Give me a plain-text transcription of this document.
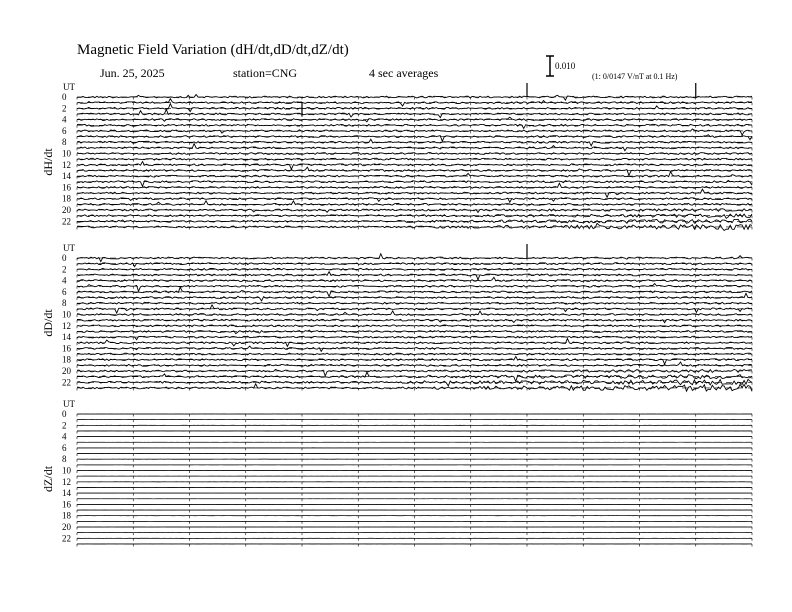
Magnetic Field Variation (dH/dt,dD/dt,dZ/dt)
Jun. 25, 2025	station=CNG	4 sec averages	0.010
(1: 0/0147 V/nT at 0.1 Hz)
UT
dH/dt
0
2
4
6
8
10
12
14
16
18
20
22
UT
dD/dt
0
2
4
6
8
10
12
14
16
18
20
22
UT
dZ/dt
0
2
4
6
8
10
12
14
16
18
20
22
